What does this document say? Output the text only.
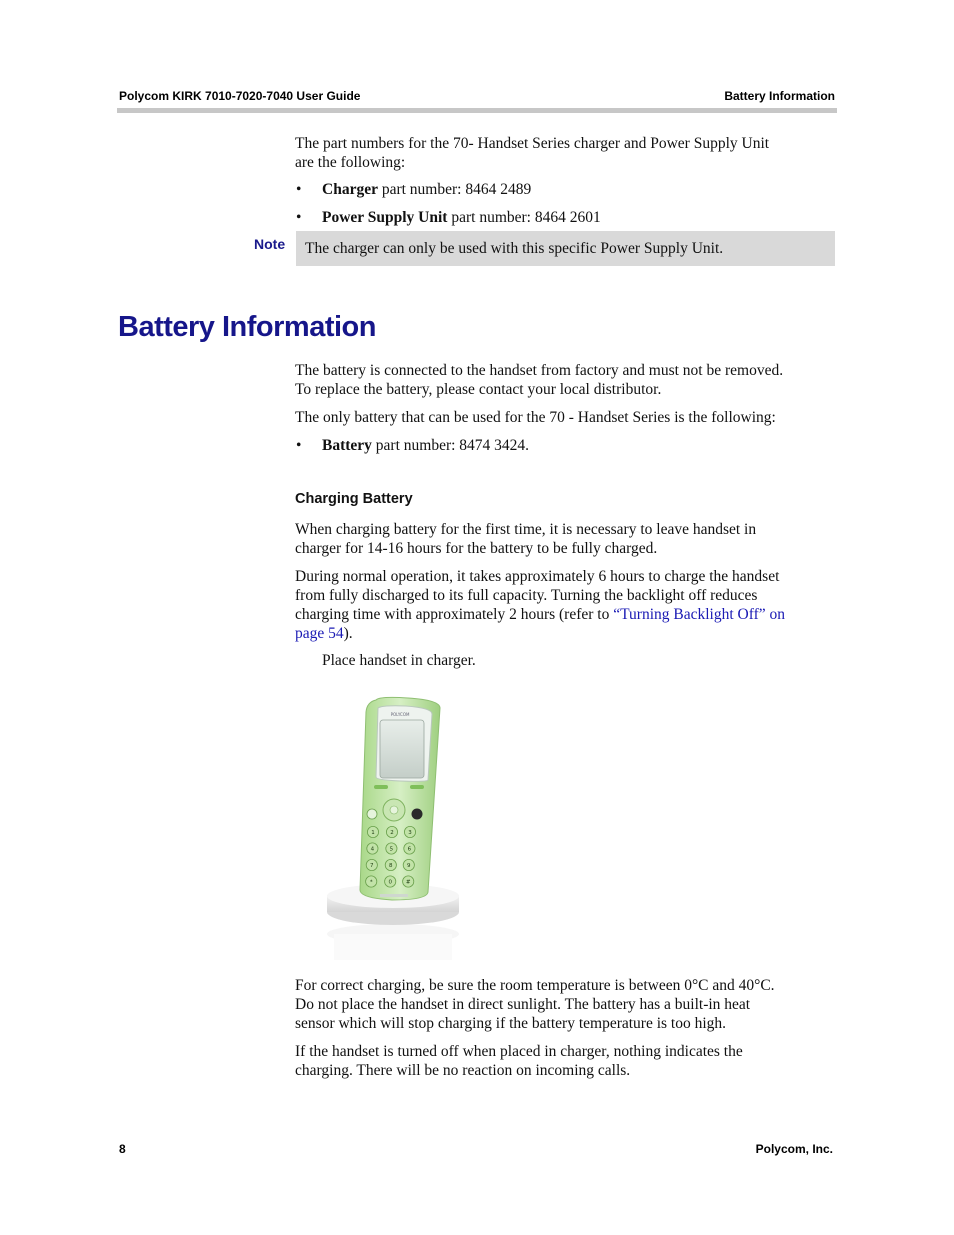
Polycom KIRK 7010-7020-7040 User Guide	Battery Information

The part numbers for the 70- Handset Series charger and Power Supply Unit
are the following:

• Charger part number: 8464 2489
• Power Supply Unit part number: 8464 2601
Note The charger can only be used with this specific Power Supply Unit.
Battery Information

The battery is connected to the handset from factory and must not be removed.
To replace the battery, please contact your local distributor.

The only battery that can be used for the 70 - Handset Series is the following:

• Battery part number: 8474 3424.
Charging Battery

When charging battery for the first time, it is necessary to leave handset in
charger for 14-16 hours for the battery to be fully charged.

During normal operation, it takes approximately 6 hours to charge the handset
from fully discharged to its full capacity. Turning the backlight off reduces
charging time with approximately 2 hours (refer to “Turning Backlight Off” on
page 54).

Place handset in charger.

POLYCOM
1	2	3
4	5	6
7	8	9
*	0	#

For correct charging, be sure the room temperature is between 0°C and 40°C.
Do not place the handset in direct sunlight. The battery has a built-in heat
sensor which will stop charging if the battery temperature is too high.

If the handset is turned off when placed in charger, nothing indicates the
charging. There will be no reaction on incoming calls.

8	Polycom, Inc.
